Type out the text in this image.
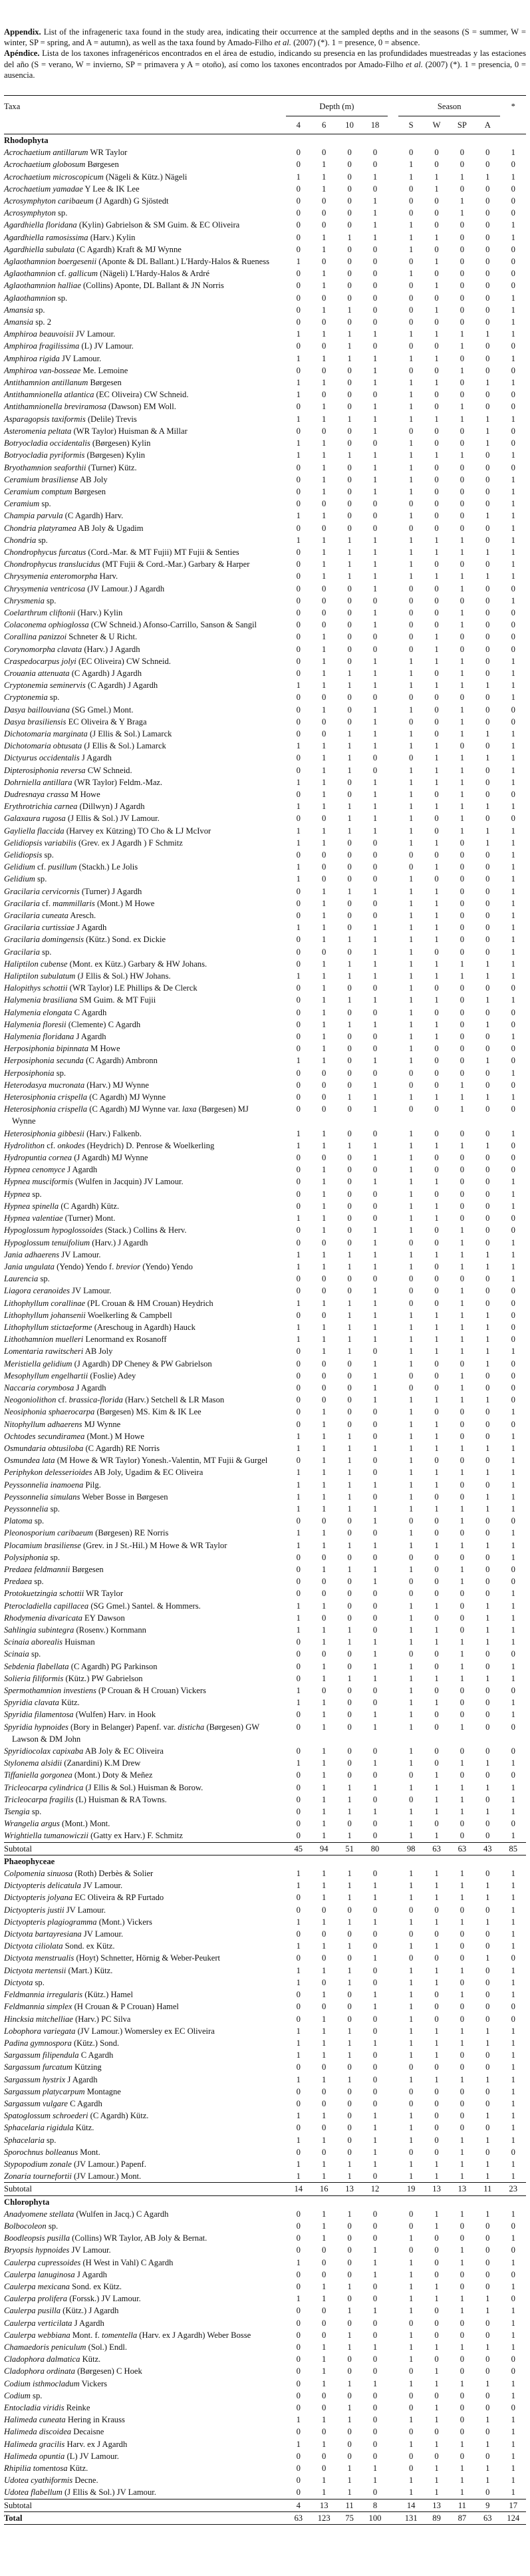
Appendix. List of the infrageneric taxa found in the study area, indicating their occurrence at the sampled depths and in the seasons (S = summer, W = winter, SP = spring, and A = autumn), as well as the taxa found by Amado-Filho et al. (2007) (*). 1 = presence, 0 = absence.
Apéndice. Lista de los taxones infragenéricos encontrados en el área de estudio, indicando su presencia en las profundidades muestreadas y las estaciones del año (S = verano, W = invierno, SP = primavera y A = otoño), así como los taxones encontrados por Amado-Filho et al. (2007) (*). 1 = presencia, 0 = ausencia.

Taxa	Depth (m)					Season				*

	4	6	10	18		S	W	SP	A	
Rhodophyta										
Acrochaetium antillarum WR Taylor	0	0	0	0		0	0	0	0	1
Acrochaetium globosum Børgesen	0	1	0	0		1	0	0	0	0
Acrochaetium microscopicum (Nägeli & Kütz.) Nägeli	1	1	0	1		1	1	1	1	1
Acrochaetium yamadae Y Lee & IK Lee	0	1	0	0		0	1	0	0	0
Acrosymphyton caribaeum (J Agardh) G Sjöstedt	0	0	0	1		0	0	1	0	0
Acrosymphyton sp.	0	0	0	1		0	0	1	0	0
Agardhiella floridana (Kylin) Gabrielson & SM Guim. & EC Oliveira	0	0	0	1		1	0	0	0	1
Agardhiella ramosissima (Harv.) Kylin	0	1	1	1		1	1	0	0	1
Agardhiella subulata (C Agardh) Kraft & MJ Wynne	0	1	0	0		1	0	0	0	0
Aglaothamnion boergesenii (Aponte & DL Ballant.) L'Hardy-Halos & Rueness	1	0	0	0		0	1	0	0	0
Aglaothamnion cf. gallicum (Nägeli) L'Hardy-Halos & Ardré	0	1	0	0		1	0	0	0	0
Aglaothamnion halliae (Collins) Aponte, DL Ballant & JN Norris	0	1	0	0		0	1	0	0	0
Aglaothamnion sp.	0	0	0	0		0	0	0	0	1
Amansia sp.	0	1	1	0		0	1	0	0	1
Amansia sp. 2	0	0	0	0		0	0	0	0	1
Amphiroa beauvoisii JV Lamour.	1	1	1	1		1	1	1	1	1
Amphiroa fragilissima (L) JV Lamour.	0	0	1	0		0	0	1	0	0
Amphiroa rigida JV Lamour.	1	1	1	1		1	1	0	0	1
Amphiroa van-bosseae Me. Lemoine	0	0	0	1		0	0	1	0	0
Antithamnion antillanum Børgesen	1	1	0	1		1	1	0	1	1
Antithamnionella atlantica (EC Oliveira) CW Schneid.	1	0	0	0		1	0	0	0	0
Antithamnionella breviramosa (Dawson) EM Woll.	0	1	0	1		1	0	1	0	0
Asparagopsis taxiformis (Delile) Trevis	1	1	1	1		1	1	1	1	1
Asteromenia peltata (WR Taylor) Huisman & A Millar	0	0	0	1		0	0	0	1	0
Botryocladia occidentalis (Børgesen) Kylin	1	1	0	0		1	0	0	1	0
Botryocladia pyriformis (Børgesen) Kylin	1	1	1	1		1	1	1	0	1
Bryothamnion seaforthii (Turner) Kütz.	0	1	0	1		1	0	0	0	0
Ceramium brasiliense AB Joly	0	1	0	1		1	0	0	0	1
Ceramium comptum Børgesen	0	1	0	1		1	0	0	0	1
Ceramium sp.	0	0	0	0		0	0	0	0	1
Champia parvula (C Agardh) Harv.	1	1	0	0		1	0	0	1	1
Chondria platyramea AB Joly & Ugadim	0	0	0	0		0	0	0	0	1
Chondria sp.	1	1	1	1		1	1	1	0	1
Chondrophycus furcatus (Cord.-Mar. & MT Fujii) MT Fujii & Senties	0	1	1	1		1	1	1	1	1
Chondrophycus translucidus (MT Fujii & Cord.-Mar.) Garbary & Harper	0	1	1	1		1	0	0	0	1
Chrysymenia enteromorpha Harv.	0	1	1	1		1	1	1	1	1
Chrysymenia ventricosa (JV Lamour.) J Agardh	0	0	0	1		0	0	1	0	0
Chrysmenia sp.	0	0	0	0		0	0	0	0	1
Coelarthrum cliftonii (Harv.) Kylin	0	0	0	1		0	0	1	0	0
Colaconema ophioglossa (CW Schneid.) Afonso-Carrillo, Sanson & Sangil	0	0	0	1		0	0	1	0	0
Corallina panizzoi Schneter & U Richt.	0	1	0	0		0	1	0	0	0
Corynomorpha clavata (Harv.) J Agardh	0	1	0	0		0	1	0	0	0
Craspedocarpus jolyi (EC Oliveira) CW Schneid.	0	1	0	1		1	1	1	0	1
Crouania attenuata (C Agardh) J Agardh	0	1	1	1		1	0	1	0	1
Cryptonemia seminervis (C Agardh) J Agardh	1	1	1	1		1	1	1	1	1
Cryptonemia sp.	0	0	0	0		0	0	0	0	1
Dasya baillouviana (SG Gmel.) Mont.	0	1	0	1		1	0	1	0	0
Dasya brasiliensis EC Oliveira & Y Braga	0	0	0	1		0	0	1	0	0
Dichotomaria marginata (J Ellis & Sol.) Lamarck	0	0	1	1		1	0	1	1	1
Dichotomaria obtusata (J Ellis & Sol.) Lamarck	1	1	1	1		1	1	0	0	1
Dictyurus occidentalis J Agardh	0	1	1	0		0	1	1	1	1
Dipterosiphonia reversa CW Schneid.	0	1	1	0		1	1	1	0	1
Dohrniella antillara (WR Taylor) Feldm.-Maz.	1	1	0	1		1	1	1	0	1
Dudresnaya crassa M Howe	0	1	0	1		1	0	1	0	0
Erythrotrichia carnea (Dillwyn) J Agardh	1	1	1	1		1	1	1	1	1
Galaxaura rugosa (J Ellis & Sol.) JV Lamour.	0	0	1	1		1	0	1	0	0
Gayliella flaccida (Harvey ex Kützing) TO Cho & LJ McIvor	1	1	1	1		1	0	1	1	1
Gelidiopsis variabilis (Grev. ex J Agardh ) F Schmitz	1	1	0	0		1	1	0	1	1
Gelidiopsis sp.	0	0	0	0		0	0	0	0	1
Gelidium cf. pusillum (Stackh.) Le Jolis	1	0	0	0		0	1	0	0	1
Gelidium sp.	1	0	0	0		1	0	0	0	1
Gracilaria cervicornis (Turner) J Agardh	0	1	1	1		1	1	0	0	1
Gracilaria cf. mammillaris (Mont.) M Howe	0	1	0	0		1	1	0	0	1
Gracilaria cuneata Aresch.	0	1	0	0		1	1	0	0	1
Gracilaria curtissiae J Agardh	1	1	0	1		1	1	0	0	1
Gracilaria domingensis (Kütz.) Sond. ex Dickie	0	1	1	1		1	1	0	0	1
Gracilaria sp.	0	0	0	1		1	0	0	0	1
Haliptilon cubense (Mont. ex Kütz.) Garbary & HW Johans.	0	1	1	1		1	1	1	1	1
Haliptilon subulatum (J Ellis & Sol.) HW Johans.	1	1	1	1		1	1	1	1	1
Halopithys schottii (WR Taylor) LE Phillips & De Clerck	0	1	0	0		1	0	0	0	0
Halymenia brasiliana SM Guim. & MT Fujii	0	1	1	1		1	1	0	1	1
Halymenia elongata C Agardh	0	1	0	0		1	0	0	0	0
Halymenia floresii (Clemente) C Agardh	0	1	1	1		1	1	0	1	0
Halymenia floridana J Agardh	0	1	0	0		1	1	0	0	1
Herposiphonia bipinnata M Howe	0	1	0	0		1	0	0	0	0
Herposiphonia secunda (C Agardh) Ambronn	1	1	0	1		1	0	0	1	0
Herposiphonia sp.	0	0	0	0		0	0	0	0	1
Heterodasya mucronata (Harv.) MJ Wynne	0	0	0	1		0	0	1	0	0
Heterosiphonia crispella (C Agardh) MJ Wynne	0	0	1	1		1	1	1	1	1
Heterosiphonia crispella (C Agardh) MJ Wynne var. laxa (Børgesen) MJ Wynne	0	0	0	1		0	0	1	0	0
Heterosiphonia gibbesii (Harv.) Falkenb.	1	1	0	0		1	0	0	0	1
Hydrolithon cf. onkodes (Heydrich) D. Penrose & Woelkerling	1	1	1	1		1	1	1	1	0
Hydropuntia cornea (J Agardh) MJ Wynne	0	0	0	1		1	0	0	0	0
Hypnea cenomyce J Agardh	0	1	0	0		1	0	0	0	0
Hypnea musciformis (Wulfen in Jacquin) JV Lamour.	0	1	0	1		1	1	0	0	1
Hypnea sp.	0	1	0	0		1	0	0	0	1
Hypnea spinella (C Agardh) Kütz.	0	1	0	0		1	1	0	0	1
Hypnea valentiae (Turner) Mont.	1	1	0	0		1	1	0	0	0
Hypoglossum hypoglossoides (Stack.) Collins & Herv.	0	1	0	1		1	0	1	0	0
Hypoglossum tenuifolium (Harv.) J Agardh	0	0	0	1		0	0	1	0	1
Jania adhaerens JV Lamour.	1	1	1	1		1	1	1	1	1
Jania ungulata (Yendo) Yendo f. brevior (Yendo) Yendo	1	1	1	1		1	0	1	1	1
Laurencia sp.	0	0	0	0		0	0	0	0	1
Liagora ceranoides JV Lamour.	0	0	0	1		0	0	1	0	0
Lithophyllum corallinae (PL Crouan & HM Crouan) Heydrich	1	1	1	1		0	0	1	0	0
Lithophyllum johansenii Woelkerling & Campbell	0	0	1	1		1	1	1	1	0
Lithophyllum stictaeforme (Areschoug in Agardh) Hauck	1	1	1	1		1	1	1	1	0
Lithothamnion muelleri Lenormand ex Rosanoff	1	1	1	1		1	1	1	1	0
Lomentaria rawitscheri AB Joly	0	1	1	0		1	1	1	1	1
Meristiella gelidium (J Agardh) DP Cheney & PW Gabrielson	0	0	0	1		1	0	0	1	0
Mesophyllum engelhartii (Foslie) Adey	0	0	0	1		0	0	1	0	0
Naccaria corymbosa J Agardh	0	0	0	1		0	0	1	0	0
Neogoniolithon cf. brassica-florida (Harv.) Setchell & LR Mason	0	0	0	1		1	1	1	1	0
Neosiphonia sphaerocarpa (Børgesen) MS. Kim & IK Lee	0	1	0	0		1	0	0	0	1
Nitophyllum adhaerens MJ Wynne	0	1	0	0		1	1	0	0	0
Ochtodes secundiramea (Mont.) M Howe	1	1	1	0		1	1	0	0	1
Osmundaria obtusiloba (C Agardh) RE Norris	1	1	1	1		1	1	1	1	1
Osmundea lata (M Howe & WR Taylor) Yonesh.-Valentin, MT Fujii & Gurgel	0	1	1	0		1	0	0	0	1
Periphykon delesserioides AB Joly, Ugadim & EC Oliveira	1	1	1	0		1	1	1	1	1
Peyssonnelia inamoena Pilg.	1	1	1	1		1	1	0	0	1
Peyssonnelia simulans Weber Bosse in Børgesen	1	1	1	0		1	0	0	1	1
Peyssonnelia sp.	1	1	1	1		1	1	1	1	1
Platoma sp.	0	0	0	1		0	0	1	0	0
Pleonosporium caribaeum (Børgesen) RE Norris	1	1	0	0		1	0	0	0	1
Plocamium brasiliense (Grev. in J St.-Hil.) M Howe & WR Taylor	1	1	1	1		1	1	1	1	1
Polysiphonia sp.	0	0	0	0		0	0	0	0	1
Predaea feldmannii Børgesen	0	1	1	1		1	0	1	0	0
Predaea sp.	0	0	0	1		0	0	1	0	0
Protokuetzingia schottii WR Taylor	0	0	0	0		0	0	0	0	1
Pterocladiella capillacea (SG Gmel.) Santel. & Hommers.	1	1	0	0		1	1	0	1	1
Rhodymenia divaricata EY Dawson	1	0	0	0		1	0	0	1	1
Sahlingia subintegra (Rosenv.) Kornmann	1	1	1	0		1	1	0	1	1
Scinaia aborealis Huisman	0	1	1	1		1	1	1	1	1
Scinaia sp.	0	0	0	1		0	0	1	0	0
Sebdenia flabellata (C Agardh) PG Parkinson	0	1	0	1		1	0	1	0	1
Solieria filiformis (Kütz.) PW Gabrielson	0	1	1	1		1	1	1	1	1
Spermothamnion investiens (P Crouan & H Crouan) Vickers	1	0	0	0		1	0	0	0	0
Spyridia clavata Kütz.	1	1	0	0		1	1	0	0	1
Spyridia filamentosa (Wulfen) Harv. in Hook	0	1	0	1		1	0	0	0	1
Spyridia hypnoides (Bory in Belanger) Papenf. var. disticha (Børgesen) GW Lawson & DM John	0	1	0	1		1	0	1	0	0
Spyridiocolax capixaba AB Joly & EC Oliveira	0	1	0	0		1	0	0	0	0
Stylonema alsidii (Zanardini) K.M Drew	1	1	0	1		1	0	1	1	1
Tiffaniella gorgonea (Mont.) Doty & Meñez	0	1	0	0		0	1	0	0	0
Tricleocarpa cylindrica (J Ellis & Sol.) Huisman & Borow.	0	1	1	1		1	1	1	1	1
Tricleocarpa fragilis (L) Huisman & RA Towns.	0	1	1	0		0	1	1	0	1
Tsengia sp.	0	1	1	1		1	1	1	1	1
Wrangelia argus (Mont.) Mont.	0	1	0	0		1	0	0	0	0
Wrightiella tumanowiczii (Gatty ex Harv.) F. Schmitz	0	1	1	0		1	1	0	0	1
Subtotal	45	94	51	80		98	63	63	43	85
Phaeophyceae										
Colpomenia sinuosa (Roth) Derbès & Solier	1	1	1	0		1	1	1	0	1
Dictyopteris delicatula JV Lamour.	1	1	1	1		1	1	1	1	1
Dictyopteris jolyana EC Oliveira & RP Furtado	0	1	1	1		1	1	1	1	1
Dictyopteris justii JV Lamour.	0	0	0	0		0	0	0	0	1
Dictyopteris plagiogramma (Mont.) Vickers	1	1	1	1		1	1	1	1	1
Dictyota bartayresiana JV Lamour.	0	0	0	0		0	0	0	0	1
Dictyota ciliolata Sond. ex Kütz.	1	1	1	0		1	1	0	0	1
Dictyota menstrualis (Hoyt) Schnetter, Hörnig & Weber-Peukert	0	0	0	1		0	0	0	1	0
Dictyota mertensii (Mart.) Kütz.	1	1	1	0		1	1	1	0	1
Dictyota sp.	1	0	1	0		1	1	0	0	1
Feldmannia irregularis (Kütz.) Hamel	0	1	0	1		1	0	1	0	1
Feldmannia simplex (H Crouan & P Crouan) Hamel	0	0	0	1		1	0	0	0	0
Hincksia mitchelliae (Harv.) PC Silva	0	1	0	0		1	0	0	0	0
Lobophora variegata (JV Lamour.) Womersley ex EC Oliveira	1	1	1	0		1	1	1	1	1
Padina gymnospora (Kütz.) Sond.	1	1	1	1		1	1	1	1	1
Sargassum filipendula C Agardh	1	1	1	0		1	1	0	0	1
Sargassum furcatum Kützing	0	0	0	0		0	0	0	0	1
Sargassum hystrix J Agardh	1	1	1	0		1	1	1	1	1
Sargassum platycarpum Montagne	0	0	0	0		0	0	0	0	1
Sargassum vulgare C Agardh	0	0	0	0		0	0	0	0	1
Spatoglossum schroederi (C Agardh) Kütz.	1	1	0	1		1	0	0	1	1
Sphacelaria rigidula Kütz.	0	0	0	1		1	0	0	0	1
Sphacelaria sp.	1	1	0	1		1	0	1	1	1
Sporochnus bolleanus Mont.	0	0	0	1		0	0	1	0	0
Stypopodium zonale (JV Lamour.) Papenf.	1	1	1	1		1	1	1	1	1
Zonaria tournefortii (JV Lamour.) Mont.	1	1	1	0		1	1	1	1	1
Subtotal	14	16	13	12		19	13	13	11	23
Chlorophyta										
Anadyomene stellata (Wulfen in Jacq.) C Agardh	0	1	1	0		0	1	1	1	1
Bolbocoleon sp.	0	1	0	0		0	1	0	0	0
Boodleopsis pusilla (Collins) WR Taylor, AB Joly & Bernat.	0	1	0	0		1	0	0	0	1
Bryopsis hypnoides JV Lamour.	0	0	0	1		0	0	1	0	0
Caulerpa cupressoides (H West in Vahl) C Agardh	1	0	0	1		1	0	1	0	1
Caulerpa lanuginosa J Agardh	0	0	0	1		1	0	0	0	0
Caulerpa mexicana Sond. ex Kütz.	0	1	1	0		1	1	0	0	1
Caulerpa prolifera (Forssk.) JV Lamour.	1	1	0	0		1	1	1	1	0
Caulerpa pusilla (Kütz.) J Agardh	0	0	1	1		1	0	1	1	1
Caulerpa verticilata J Agardh	0	0	0	0		0	0	0	0	1
Caulerpa webbiana Mont. f. tomentella (Harv. ex J Agardh) Weber Bosse	0	0	1	0		1	0	0	0	1
Chamaedoris peniculum (Sol.) Endl.	0	1	1	1		1	1	1	1	1
Cladophora dalmatica Kütz.	0	1	0	0		1	0	0	0	0
Cladophora ordinata (Børgesen) C Hoek	0	1	0	0		0	1	0	0	0
Codium isthmocladum Vickers	0	1	1	1		1	1	1	1	1
Codium sp.	0	0	0	0		0	0	0	0	1
Entocladia viridis Reinke	0	0	1	0		0	1	0	0	0
Halimeda cuneata Hering in Krauss	1	1	1	0		1	1	0	1	1
Halimeda discoidea Decaisne	0	0	0	0		0	0	0	0	1
Halimeda gracilis Harv. ex J Agardh	1	1	0	0		1	1	1	1	1
Halimeda opuntia (L) JV Lamour.	0	0	0	0		0	0	0	0	1
Rhipilia tomentosa Kütz.	0	0	1	1		0	1	1	1	1
Udotea cyathiformis Decne.	0	1	1	1		1	1	1	1	1
Udotea flabellum (J Ellis & Sol.) JV Lamour.	0	1	1	0		1	1	1	0	1
Subtotal	4	13	11	8		14	13	11	9	17
Total	63	123	75	100		131	89	87	63	124
